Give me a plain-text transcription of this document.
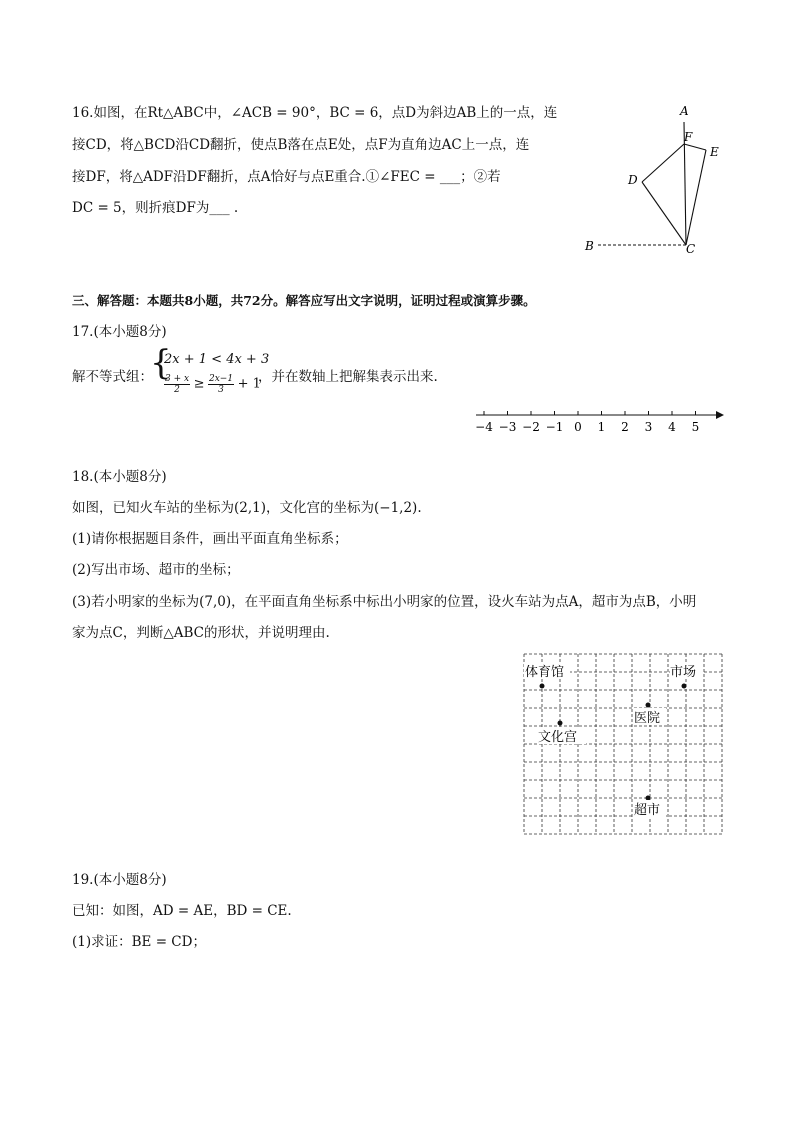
16.如图，在Rt△ABC中，∠ACB = 90°，BC = 6，点D为斜边AB上的一点，连
接CD，将△BCD沿CD翻折，使点B落在点E处，点F为直角边AC上一点，连
接DF，将△ADF沿DF翻折，点A恰好与点E重合.①∠FEC = ___；②若
DC = 5，则折痕DF为___ .
A
F
E
D
B	C
三、解答题：本题共8小题，共72分。解答应写出文字说明，证明过程或演算步骤。
17.(本小题8分)
解不等式组：
{
2x + 1 < 4x + 3
$\frac{3 + x}{2} \ge \frac{2x-1}{3} + 1$
，并在数轴上把解集表示出来.
−4 −3 −2 −1 0 1 2 3 4 5
18.(本小题8分)
如图，已知火车站的坐标为(2,1)，文化宫的坐标为(−1,2).
(1)请你根据题目条件，画出平面直角坐标系；
(2)写出市场、超市的坐标；
(3)若小明家的坐标为(7,0)，在平面直角坐标系中标出小明家的位置，设火车站为点A，超市为点B，小明
家为点C，判断△ABC的形状，并说明理由.
体育馆	市场
医院
文化宫
超市
19.(本小题8分)
已知：如图，AD = AE，BD = CE.
(1)求证：BE = CD；
